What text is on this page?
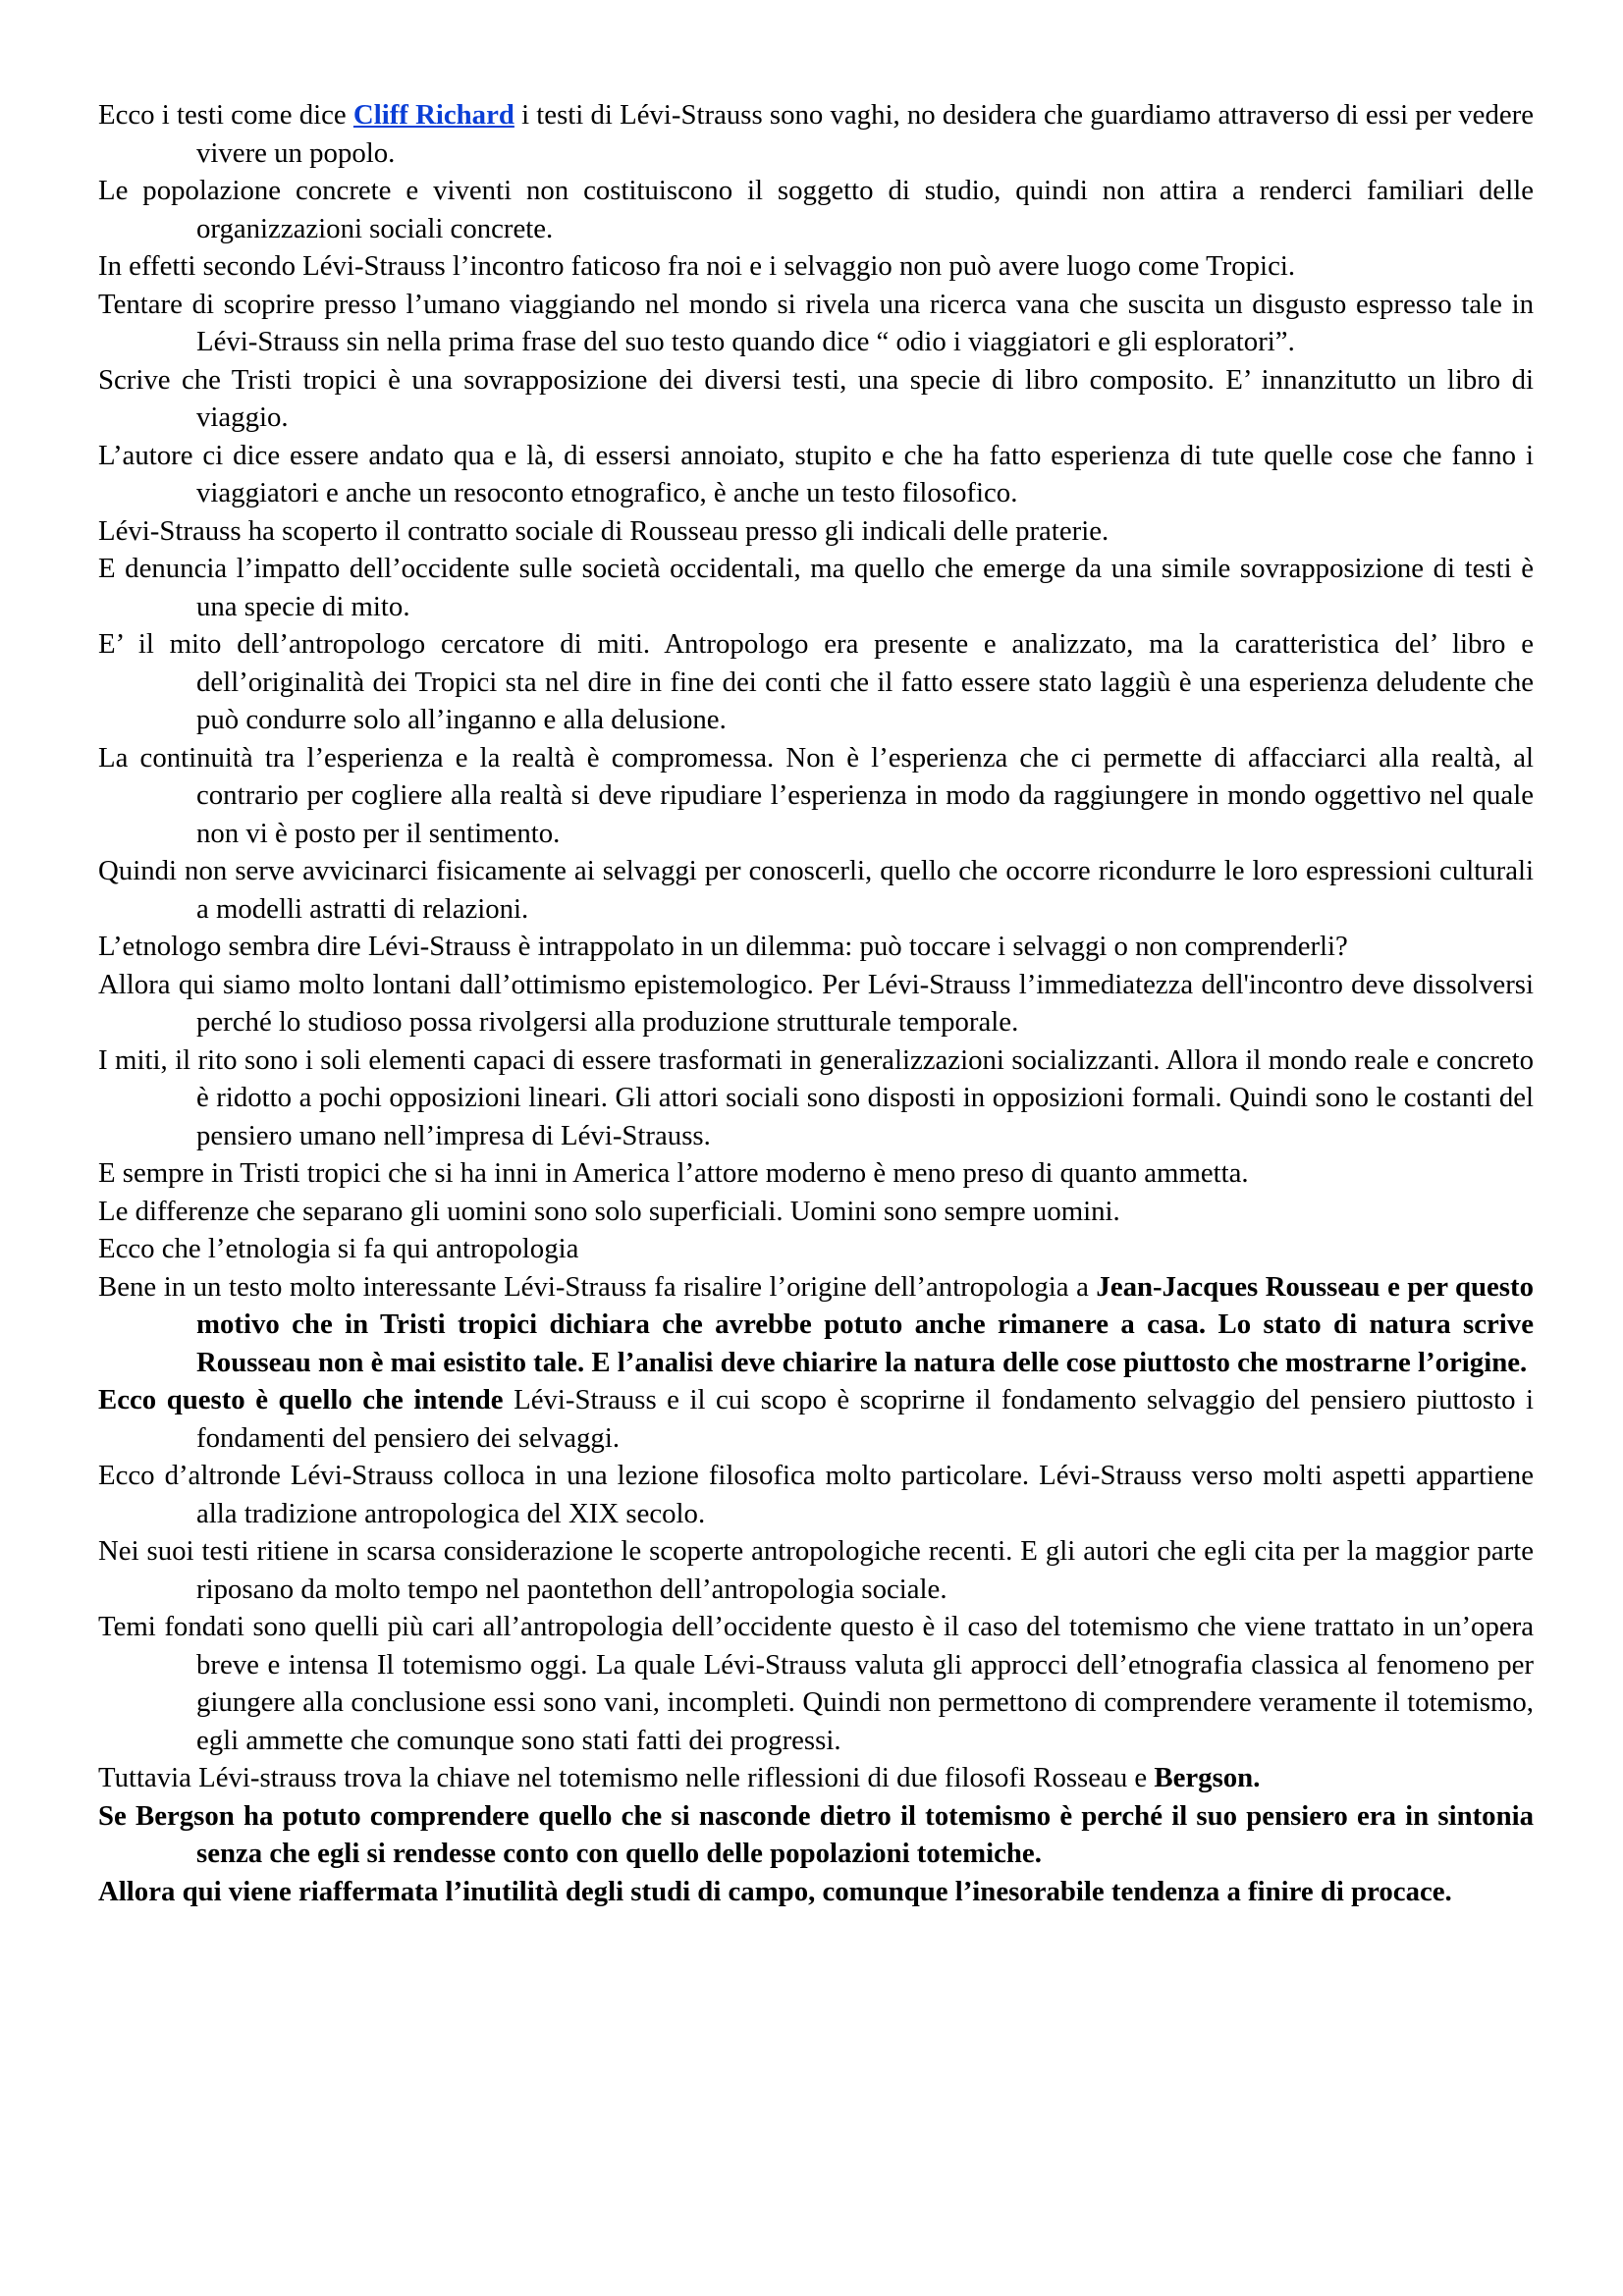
Ecco i testi come dice Cliff Richard i testi di Lévi-Strauss sono vaghi, no desidera che guardiamo attraverso di essi per vedere vivere un popolo.

Le popolazione concrete e viventi non costituiscono il soggetto di studio, quindi non attira a renderci familiari delle organizzazioni sociali concrete.

In effetti secondo Lévi-Strauss l’incontro faticoso fra noi e i selvaggio non può avere luogo come Tropici.

Tentare di scoprire presso l’umano viaggiando nel mondo si rivela una ricerca vana che suscita un disgusto espresso tale in Lévi-Strauss sin nella prima frase del suo testo quando dice “ odio i viaggiatori e gli esploratori”.

Scrive che Tristi tropici è una sovrapposizione dei diversi testi, una specie di libro composito. E’ innanzitutto un libro di viaggio.

L’autore ci dice essere andato qua e là, di essersi annoiato, stupito e che ha fatto esperienza di tute quelle cose che fanno i viaggiatori e anche un resoconto etnografico, è anche un testo filosofico.

Lévi-Strauss ha scoperto il contratto sociale di Rousseau presso gli indicali delle praterie.

E denuncia l’impatto dell’occidente sulle società occidentali, ma quello che emerge da una simile sovrapposizione di testi è una specie di mito.

E’ il mito dell’antropologo cercatore di miti. Antropologo era presente e analizzato, ma la caratteristica del’ libro e dell’originalità dei Tropici sta nel dire in fine dei conti che il fatto essere stato laggiù è una esperienza deludente che può condurre solo all’inganno e alla delusione.

La continuità tra l’esperienza e la realtà è compromessa. Non è l’esperienza che ci permette di affacciarci alla realtà, al contrario per cogliere alla realtà si deve ripudiare l’esperienza in modo da raggiungere in mondo oggettivo nel quale non vi è posto per il sentimento.

Quindi non serve avvicinarci fisicamente ai selvaggi per conoscerli, quello che occorre ricondurre le loro espressioni culturali a modelli astratti di relazioni.

L’etnologo sembra dire Lévi-Strauss è intrappolato in un dilemma: può toccare i selvaggi o non comprenderli?

Allora qui siamo molto lontani dall’ottimismo epistemologico. Per Lévi-Strauss l’immediatezza dell'incontro deve dissolversi perché lo studioso possa rivolgersi alla produzione strutturale temporale.

I miti, il rito sono i soli elementi capaci di essere trasformati in generalizzazioni socializzanti. Allora il mondo reale e concreto è ridotto a pochi opposizioni lineari. Gli attori sociali sono disposti in opposizioni formali. Quindi sono le costanti del pensiero umano nell’impresa di Lévi-Strauss.

E sempre in Tristi tropici che si ha inni in America l’attore moderno è meno preso di quanto ammetta.

Le differenze che separano gli uomini sono solo superficiali. Uomini sono sempre uomini.

Ecco che l’etnologia si fa qui antropologia

Bene in un testo molto interessante Lévi-Strauss fa risalire l’origine dell’antropologia a Jean-Jacques Rousseau e per questo motivo che in Tristi tropici dichiara che avrebbe potuto anche rimanere a casa. Lo stato di natura scrive Rousseau non è mai esistito tale. E l’analisi deve chiarire la natura delle cose piuttosto che mostrarne l’origine.

Ecco questo è quello che intende Lévi-Strauss e il cui scopo è scoprirne il fondamento selvaggio del pensiero piuttosto i fondamenti del pensiero dei selvaggi.

Ecco d’altronde Lévi-Strauss colloca in una lezione filosofica molto particolare. Lévi-Strauss verso molti aspetti appartiene alla tradizione antropologica del XIX secolo.

Nei suoi testi ritiene in scarsa considerazione le scoperte antropologiche recenti. E gli autori che egli cita per la maggior parte riposano da molto tempo nel paontethon dell’antropologia sociale.

Temi fondati sono quelli più cari all’antropologia dell’occidente questo è il caso del totemismo che viene trattato in un’opera breve e intensa Il totemismo oggi. La quale Lévi-Strauss valuta gli approcci dell’etnografia classica al fenomeno per giungere alla conclusione essi sono vani, incompleti. Quindi non permettono di comprendere veramente il totemismo, egli ammette che comunque sono stati fatti dei progressi.

Tuttavia Lévi-strauss trova la chiave nel totemismo nelle riflessioni di due filosofi Rosseau e Bergson.

Se Bergson ha potuto comprendere quello che si nasconde dietro il totemismo è perché il suo pensiero era in sintonia senza che egli si rendesse conto con quello delle popolazioni totemiche.

Allora qui viene riaffermata l’inutilità degli studi di campo, comunque l’inesorabile tendenza a finire di procace.
